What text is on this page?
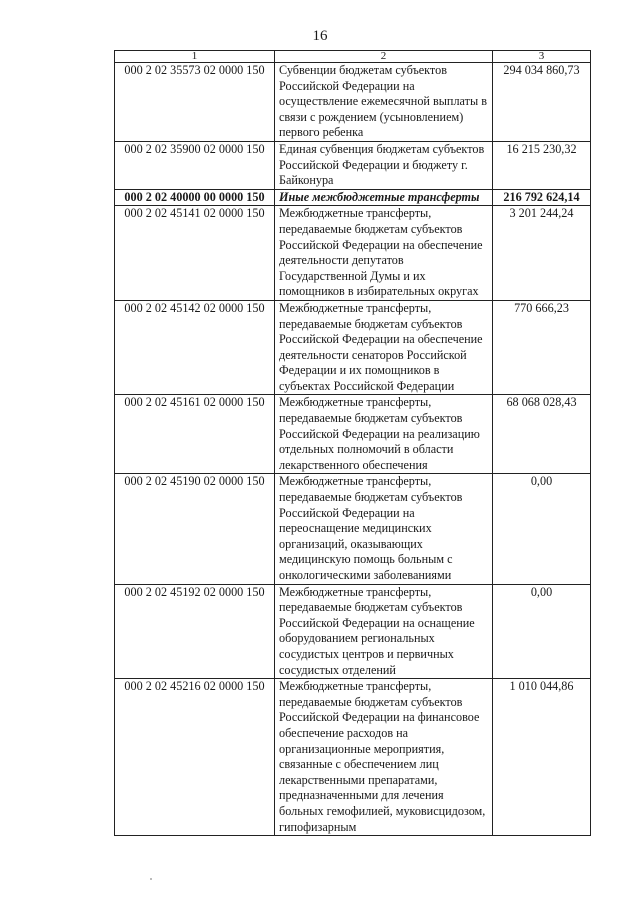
16
1	2	3
000 2 02 35573 02 0000 150	Субвенции бюджетам субъектов Российской Федерации на осуществление ежемесячной выплаты в связи с рождением (усыновлением) первого ребенка	294 034 860,73
000 2 02 35900 02 0000 150	Единая субвенция бюджетам субъектов Российской Федерации и бюджету г. Байконура	16 215 230,32
000 2 02 40000 00 0000 150	Иные межбюджетные трансферты	216 792 624,14
000 2 02 45141 02 0000 150	Межбюджетные трансферты, передаваемые бюджетам субъектов Российской Федерации на обеспечение деятельности депутатов Государственной Думы и их помощников в избирательных округах	3 201 244,24
000 2 02 45142 02 0000 150	Межбюджетные трансферты, передаваемые бюджетам субъектов Российской Федерации на обеспечение деятельности сенаторов Российской Федерации и их помощников в субъектах Российской Федерации	770 666,23
000 2 02 45161 02 0000 150	Межбюджетные трансферты, передаваемые бюджетам субъектов Российской Федерации на реализацию отдельных полномочий в области лекарственного обеспечения	68 068 028,43
000 2 02 45190 02 0000 150	Межбюджетные трансферты, передаваемые бюджетам субъектов Российской Федерации на переоснащение медицинских организаций, оказывающих медицинскую помощь больным с онкологическими заболеваниями	0,00
000 2 02 45192 02 0000 150	Межбюджетные трансферты, передаваемые бюджетам субъектов Российской Федерации на оснащение оборудованием региональных сосудистых центров и первичных сосудистых отделений	0,00
000 2 02 45216 02 0000 150	Межбюджетные трансферты, передаваемые бюджетам субъектов Российской Федерации на финансовое обеспечение расходов на организационные мероприятия, связанные с обеспечением лиц лекарственными препаратами, предназначенными для лечения больных гемофилией, муковисцидозом, гипофизарным	1 010 044,86
